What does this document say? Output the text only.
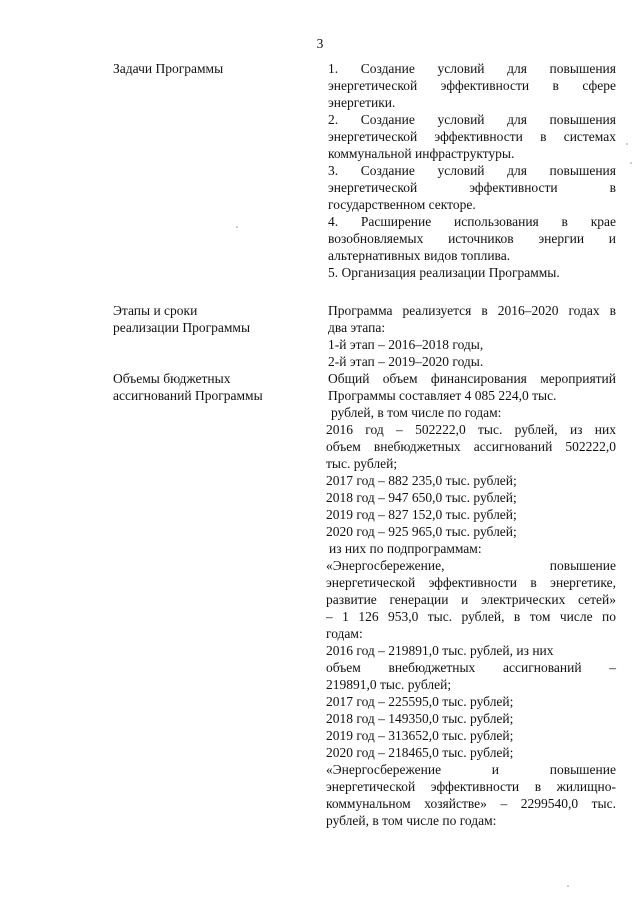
3
Задачи Программы
Этапы и сроки
реализации Программы
Объемы бюджетных
ассигнований Программы
1. Создание условий для повышения
энергетической эффективности в сфере
энергетики.
2. Создание условий для повышения
энергетической эффективности в системах
коммунальной инфраструктуры.
3. Создание условий для повышения
энергетической эффективности в
государственном секторе.
4. Расширение использования в крае
возобновляемых источников энергии и
альтернативных видов топлива.
5. Организация реализации Программы.
Программа реализуется в 2016–2020 годах в
два этапа:
1-й этап – 2016–2018 годы,
2-й этап – 2019–2020 годы.
Общий объем финансирования мероприятий
Программы составляет 4 085 224,0 тыс.
рублей, в том числе по годам:
2016 год – 502222,0 тыс. рублей, из них
объем внебюджетных ассигнований 502222,0
тыс. рублей;
2017 год – 882 235,0 тыс. рублей;
2018 год – 947 650,0 тыс. рублей;
2019 год – 827 152,0 тыс. рублей;
2020 год – 925 965,0 тыс. рублей;
из них по подпрограммам:
«Энергосбережение, повышение
энергетической эффективности в энергетике,
развитие генерации и электрических сетей»
– 1 126 953,0 тыс. рублей, в том числе по
годам:
2016 год – 219891,0 тыс. рублей, из них
объем внебюджетных ассигнований –
219891,0 тыс. рублей;
2017 год – 225595,0 тыс. рублей;
2018 год – 149350,0 тыс. рублей;
2019 год – 313652,0 тыс. рублей;
2020 год – 218465,0 тыс. рублей;
«Энергосбережение и повышение
энергетической эффективности в жилищно-
коммунальном хозяйстве» – 2299540,0 тыс.
рублей, в том числе по годам:
